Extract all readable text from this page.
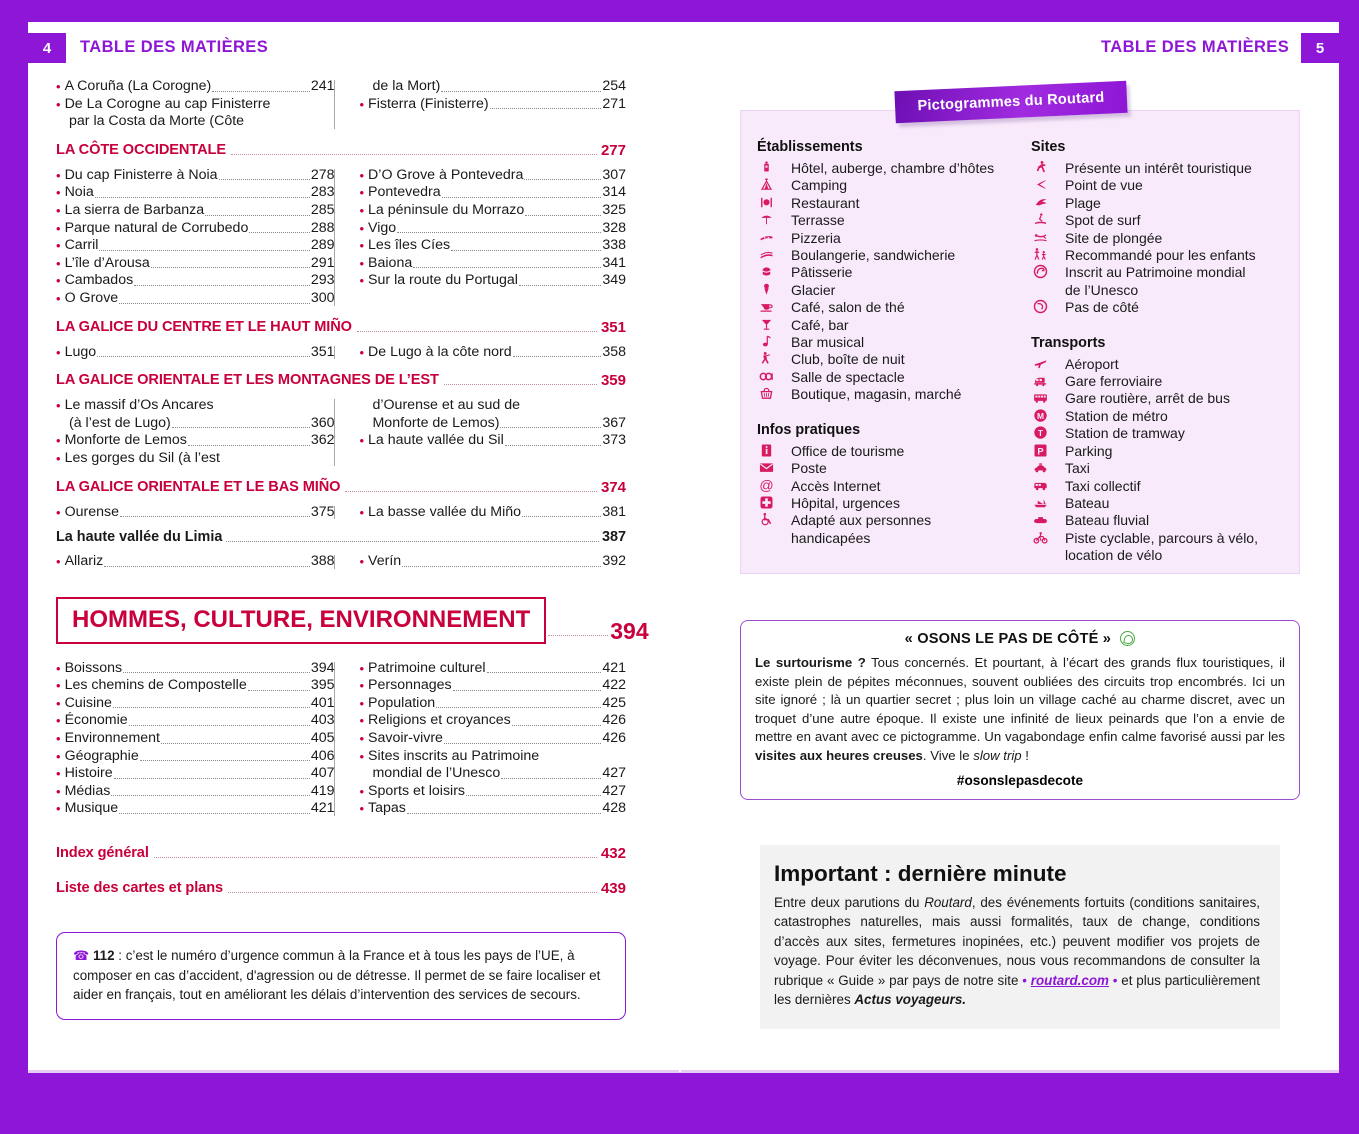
4	TABLE DES MATIÈRES	5
TABLE DES MATIÈRES
• A Coruña (La Corogne)	241
• De La Corogne au cap Finisterre
par la Costa da Morte (Côte
de la Mort)	254
• Fisterra (Finisterre)	271
LA CÔTE OCCIDENTALE	277
• Du cap Finisterre à Noia	278
• Noia	283
• La sierra de Barbanza	285
• Parque natural de Corrubedo	288
• Carril	289
• L’île d’Arousa	291
• Cambados	293
• O Grove	300
• D’O Grove à Pontevedra	307
• Pontevedra	314
• La péninsule du Morrazo	325
• Vigo	328
• Les îles Cíes	338
• Baiona	341
• Sur la route du Portugal	349
LA GALICE DU CENTRE ET LE HAUT MIÑO	351
• Lugo	351 • De Lugo à la côte nord	358
LA GALICE ORIENTALE ET LES MONTAGNES DE L’EST	359
• Le massif d’Os Ancares
(à l’est de Lugo)	360
• Monforte de Lemos	362
• Les gorges du Sil (à l’est
d’Ourense et au sud de
Monforte de Lemos)	367
• La haute vallée du Sil	373
LA GALICE ORIENTALE ET LE BAS MIÑO	374
• Ourense	375 • La basse vallée du Miño	381
La haute vallée du Limia	387
• Allariz	388 • Verín	392
HOMMES, CULTURE, ENVIRONNEMENT	394
• Boissons	394
• Les chemins de Compostelle	395
• Cuisine	401
• Économie	403
• Environnement	405
• Géographie	406
• Histoire	407
• Médias	419
• Musique	421
• Patrimoine culturel	421
• Personnages	422
• Population	425
• Religions et croyances	426
• Savoir-vivre	426
• Sites inscrits au Patrimoine
mondial de l’Unesco	427
• Sports et loisirs	427
• Tapas	428
Index général	432
Liste des cartes et plans	439
☎ 112 : c’est le numéro d’urgence commun à la France et à tous les pays de l’UE, à composer en cas d’accident, d'agression ou de détresse. Il permet de se faire localiser et aider en français, tout en améliorant les délais d’intervention des services de secours.
Établissements
Hôtel, auberge, chambre d’hôtes
Camping
Restaurant
Terrasse
Pizzeria
Boulangerie, sandwicherie
Pâtisserie
Glacier
Café, salon de thé
Café, bar
Bar musical
Club, boîte de nuit
Salle de spectacle
Boutique, magasin, marché
Infos pratiques
Office de tourisme
Poste
@ Accès Internet
Hôpital, urgences
Adapté aux personnes
handicapées
Sites
Présente un intérêt touristique
Point de vue
Plage
Spot de surf
Site de plongée
Recommandé pour les enfants
Inscrit au Patrimoine mondial
de l’Unesco
Pas de côté
Transports
Aéroport
Gare ferroviaire
Gare routière, arrêt de bus
M Station de métro
T Station de tramway
P Parking
Taxi
Taxi collectif
Bateau
Bateau fluvial
Piste cyclable, parcours à vélo,
location de vélo
Pictogrammes du Routard
« OSONS LE PAS DE CÔTÉ »

Le surtourisme ? Tous concernés. Et pourtant, à l’écart des grands flux touristiques, il existe plein de pépites méconnues, souvent oubliées des circuits trop encombrés. Ici un site ignoré ; là un quartier secret ; plus loin un village caché au charme discret, avec un troquet d’une autre époque. Il existe une infinité de lieux peinards que l’on a envie de mettre en avant avec ce pictogramme. Un vagabondage enfin calme favorisé aussi par les visites aux heures creuses. Vive le slow trip !

#osonslepasdecote
Important : dernière minute

Entre deux parutions du Routard, des événements fortuits (conditions sanitaires, catastrophes naturelles, mais aussi formalités, taux de change, conditions d’accès aux sites, fermetures inopinées, etc.) peuvent modifier vos projets de voyage. Pour éviter les déconvenues, nous vous recommandons de consulter la rubrique « Guide » par pays de notre site • routard.com • et plus particulièrement les dernières Actus voyageurs.
